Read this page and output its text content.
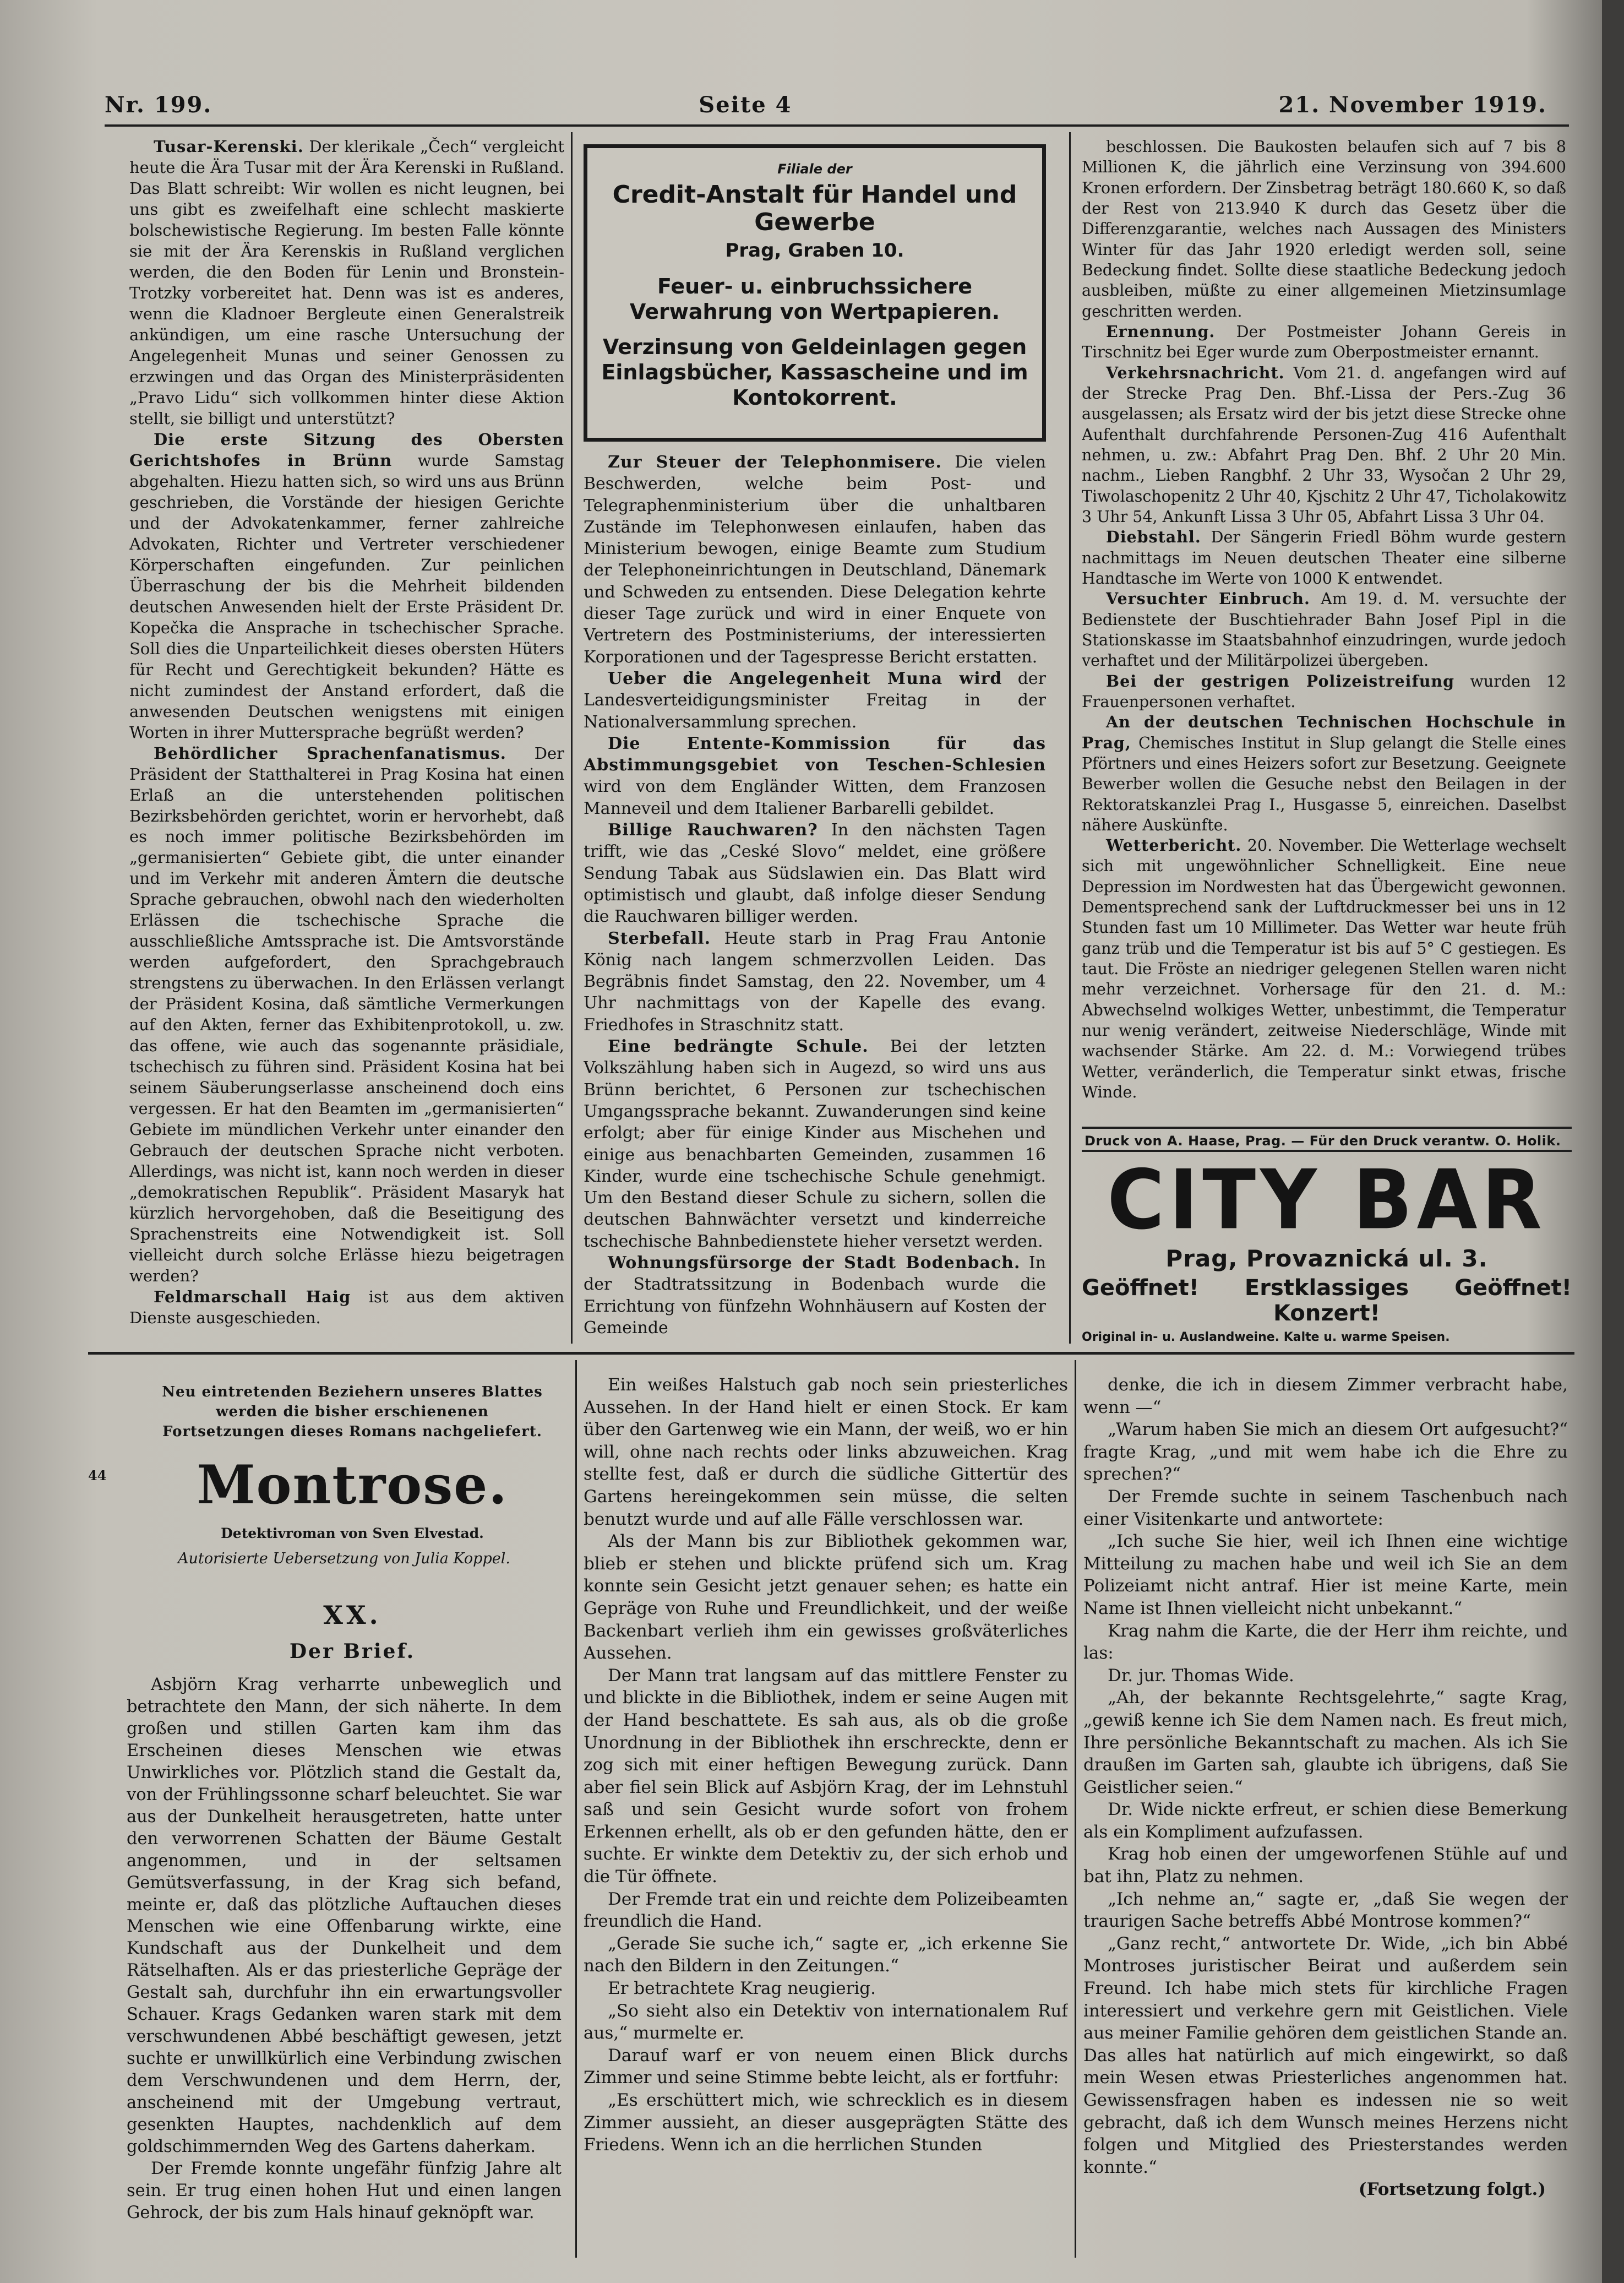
Nr. 199.	Seite 4	21. November 1919.

Tusar-Kerenski. Der klerikale „Čech“ vergleicht heute die Ära Tusar mit der Ära Kerenski in Rußland. Das Blatt schreibt: Wir wollen es nicht leugnen, bei uns gibt es zweifelhaft eine schlecht maskierte bolschewistische Regierung. Im besten Falle könnte sie mit der Ära Kerenskis in Rußland verglichen werden, die den Boden für Lenin und Bronstein-Trotzky vorbereitet hat. Denn was ist es anderes, wenn die Kladnoer Bergleute einen Generalstreik ankündigen, um eine rasche Untersuchung der Angelegenheit Munas und seiner Genossen zu erzwingen und das Organ des Ministerpräsidenten „Pravo Lidu“ sich vollkommen hinter diese Aktion stellt, sie billigt und unterstützt?

Die erste Sitzung des Obersten Gerichtshofes in Brünn wurde Samstag abgehalten. Hiezu hatten sich, so wird uns aus Brünn geschrieben, die Vorstände der hiesigen Gerichte und der Advokatenkammer, ferner zahlreiche Advokaten, Richter und Vertreter verschiedener Körperschaften eingefunden. Zur peinlichen Überraschung der bis die Mehrheit bildenden deutschen Anwesenden hielt der Erste Präsident Dr. Kopečka die Ansprache in tschechischer Sprache. Soll dies die Unparteilichkeit dieses obersten Hüters für Recht und Gerechtigkeit bekunden? Hätte es nicht zumindest der Anstand erfordert, daß die anwesenden Deutschen wenigstens mit einigen Worten in ihrer Muttersprache begrüßt werden?

Behördlicher Sprachenfanatismus. Der Präsident der Statthalterei in Prag Kosina hat einen Erlaß an die unterstehenden politischen Bezirksbehörden gerichtet, worin er hervorhebt, daß es noch immer politische Bezirksbehörden im „germanisierten“ Gebiete gibt, die unter einander und im Verkehr mit anderen Ämtern die deutsche Sprache gebrauchen, obwohl nach den wiederholten Erlässen die tschechische Sprache die ausschließliche Amtssprache ist. Die Amtsvorstände werden aufgefordert, den Sprachgebrauch strengstens zu überwachen. In den Erlässen verlangt der Präsident Kosina, daß sämtliche Vermerkungen auf den Akten, ferner das Exhibitenprotokoll, u. zw. das offene, wie auch das sogenannte präsidiale, tschechisch zu führen sind. Präsident Kosina hat bei seinem Säuberungserlasse anscheinend doch eins vergessen. Er hat den Beamten im „germanisierten“ Gebiete im mündlichen Verkehr unter einander den Gebrauch der deutschen Sprache nicht verboten. Allerdings, was nicht ist, kann noch werden in dieser „demokratischen Republik“. Präsident Masaryk hat kürzlich hervorgehoben, daß die Beseitigung des Sprachenstreits eine Notwendigkeit ist. Soll vielleicht durch solche Erlässe hiezu beigetragen werden?

Feldmarschall Haig ist aus dem aktiven Dienste ausgeschieden.

Filiale der
Credit-Anstalt für Handel und Gewerbe
Prag, Graben 10.
Feuer- u. einbruchssichere Verwahrung von Wertpapieren.
Verzinsung von Geldeinlagen gegen Einlagsbücher, Kassascheine und im Kontokorrent.

Zur Steuer der Telephonmisere. Die vielen Beschwerden, welche beim Post- und Telegraphenministerium über die unhaltbaren Zustände im Telephonwesen einlaufen, haben das Ministerium bewogen, einige Beamte zum Studium der Telephoneinrichtungen in Deutschland, Dänemark und Schweden zu entsenden. Diese Delegation kehrte dieser Tage zurück und wird in einer Enquete von Vertretern des Postministeriums, der interessierten Korporationen und der Tagespresse Bericht erstatten.

Ueber die Angelegenheit Muna wird der Landesverteidigungsminister Freitag in der Nationalversammlung sprechen.

Die Entente-Kommission für das Abstimmungsgebiet von Teschen-Schlesien wird von dem Engländer Witten, dem Franzosen Manneveil und dem Italiener Barbarelli gebildet.

Billige Rauchwaren? In den nächsten Tagen trifft, wie das „Ceské Slovo“ meldet, eine größere Sendung Tabak aus Südslawien ein. Das Blatt wird optimistisch und glaubt, daß infolge dieser Sendung die Rauchwaren billiger werden.

Sterbefall. Heute starb in Prag Frau Antonie König nach langem schmerzvollen Leiden. Das Begräbnis findet Samstag, den 22. November, um 4 Uhr nachmittags von der Kapelle des evang. Friedhofes in Straschnitz statt.

Eine bedrängte Schule. Bei der letzten Volkszählung haben sich in Augezd, so wird uns aus Brünn berichtet, 6 Personen zur tschechischen Umgangssprache bekannt. Zuwanderungen sind keine erfolgt; aber für einige Kinder aus Mischehen und einige aus benachbarten Gemeinden, zusammen 16 Kinder, wurde eine tschechische Schule genehmigt. Um den Bestand dieser Schule zu sichern, sollen die deutschen Bahnwächter versetzt und kinderreiche tschechische Bahnbedienstete hieher versetzt werden.

Wohnungsfürsorge der Stadt Bodenbach. In der Stadtratssitzung in Bodenbach wurde die Errichtung von fünfzehn Wohnhäusern auf Kosten der Gemeinde

beschlossen. Die Baukosten belaufen sich auf 7 bis 8 Millionen K, die jährlich eine Verzinsung von 394.600 Kronen erfordern. Der Zinsbetrag beträgt 180.660 K, so daß der Rest von 213.940 K durch das Gesetz über die Differenzgarantie, welches nach Aussagen des Ministers Winter für das Jahr 1920 erledigt werden soll, seine Bedeckung findet. Sollte diese staatliche Bedeckung jedoch ausbleiben, müßte zu einer allgemeinen Mietzinsumlage geschritten werden.

Ernennung. Der Postmeister Johann Gereis in Tirschnitz bei Eger wurde zum Oberpostmeister ernannt.

Verkehrsnachricht. Vom 21. d. angefangen wird auf der Strecke Prag Den. Bhf.-Lissa der Pers.-Zug 36 ausgelassen; als Ersatz wird der bis jetzt diese Strecke ohne Aufenthalt durchfahrende Personen-Zug 416 Aufenthalt nehmen, u. zw.: Abfahrt Prag Den. Bhf. 2 Uhr 20 Min. nachm., Lieben Rangbhf. 2 Uhr 33, Wysočan 2 Uhr 29, Tiwolaschopenitz 2 Uhr 40, Kjschitz 2 Uhr 47, Ticholakowitz 3 Uhr 54, Ankunft Lissa 3 Uhr 05, Abfahrt Lissa 3 Uhr 04.

Diebstahl. Der Sängerin Friedl Böhm wurde gestern nachmittags im Neuen deutschen Theater eine silberne Handtasche im Werte von 1000 K entwendet.

Versuchter Einbruch. Am 19. d. M. versuchte der Bedienstete der Buschtiehrader Bahn Josef Pipl in die Stationskasse im Staatsbahnhof einzudringen, wurde jedoch verhaftet und der Militärpolizei übergeben.

Bei der gestrigen Polizeistreifung wurden 12 Frauenpersonen verhaftet.

An der deutschen Technischen Hochschule in Prag, Chemisches Institut in Slup gelangt die Stelle eines Pförtners und eines Heizers sofort zur Besetzung. Geeignete Bewerber wollen die Gesuche nebst den Beilagen in der Rektoratskanzlei Prag I., Husgasse 5, einreichen. Daselbst nähere Auskünfte.

Wetterbericht. 20. November. Die Wetterlage wechselt sich mit ungewöhnlicher Schnelligkeit. Eine neue Depression im Nordwesten hat das Übergewicht gewonnen. Dementsprechend sank der Luftdruckmesser bei uns in 12 Stunden fast um 10 Millimeter. Das Wetter war heute früh ganz trüb und die Temperatur ist bis auf 5° C gestiegen. Es taut. Die Fröste an niedriger gelegenen Stellen waren nicht mehr verzeichnet. Vorhersage für den 21. d. M.: Abwechselnd wolkiges Wetter, unbestimmt, die Temperatur nur wenig verändert, zeitweise Niederschläge, Winde mit wachsender Stärke. Am 22. d. M.: Vorwiegend trübes Wetter, veränderlich, die Temperatur sinkt etwas, frische Winde.

Druck von A. Haase, Prag. — Für den Druck verantw. O. Holik.
CITY BAR
Prag, Provaznická ul. 3.
Geöffnet!	Erstklassiges Konzert!
Geöffnet!
Original in- u. Auslandweine. Kalte u. warme Speisen.
Neu eintretenden Beziehern unseres Blattes werden die bisher erschienenen Fortsetzungen dieses Romans nachgeliefert.
44	Montrose.
Detektivroman von Sven Elvestad.
Autorisierte Uebersetzung von Julia Koppel.
XX.
Der Brief.

Asbjörn Krag verharrte unbeweglich und betrachtete den Mann, der sich näherte. In dem großen und stillen Garten kam ihm das Erscheinen dieses Menschen wie etwas Unwirkliches vor. Plötzlich stand die Gestalt da, von der Frühlingssonne scharf beleuchtet. Sie war aus der Dunkelheit herausgetreten, hatte unter den verworrenen Schatten der Bäume Gestalt angenommen, und in der seltsamen Gemütsverfassung, in der Krag sich befand, meinte er, daß das plötzliche Auftauchen dieses Menschen wie eine Offenbarung wirkte, eine Kundschaft aus der Dunkelheit und dem Rätselhaften. Als er das priesterliche Gepräge der Gestalt sah, durchfuhr ihn ein erwartungsvoller Schauer. Krags Gedanken waren stark mit dem verschwundenen Abbé beschäftigt gewesen, jetzt suchte er unwillkürlich eine Verbindung zwischen dem Verschwundenen und dem Herrn, der, anscheinend mit der Umgebung vertraut, gesenkten Hauptes, nachdenklich auf dem goldschimmernden Weg des Gartens daherkam.

Der Fremde konnte ungefähr fünfzig Jahre alt sein. Er trug einen hohen Hut und einen langen Gehrock, der bis zum Hals hinauf geknöpft war.

Ein weißes Halstuch gab noch sein priesterliches Aussehen. In der Hand hielt er einen Stock. Er kam über den Gartenweg wie ein Mann, der weiß, wo er hin will, ohne nach rechts oder links abzuweichen. Krag stellte fest, daß er durch die südliche Gittertür des Gartens hereingekommen sein müsse, die selten benutzt wurde und auf alle Fälle verschlossen war.

Als der Mann bis zur Bibliothek gekommen war, blieb er stehen und blickte prüfend sich um. Krag konnte sein Gesicht jetzt genauer sehen; es hatte ein Gepräge von Ruhe und Freundlichkeit, und der weiße Backenbart verlieh ihm ein gewisses großväterliches Aussehen.

Der Mann trat langsam auf das mittlere Fenster zu und blickte in die Bibliothek, indem er seine Augen mit der Hand beschattete. Es sah aus, als ob die große Unordnung in der Bibliothek ihn erschreckte, denn er zog sich mit einer heftigen Bewegung zurück. Dann aber fiel sein Blick auf Asbjörn Krag, der im Lehnstuhl saß und sein Gesicht wurde sofort von frohem Erkennen erhellt, als ob er den gefunden hätte, den er suchte. Er winkte dem Detektiv zu, der sich erhob und die Tür öffnete.

Der Fremde trat ein und reichte dem Polizeibeamten freundlich die Hand.

„Gerade Sie suche ich,“ sagte er, „ich erkenne Sie nach den Bildern in den Zeitungen.“

Er betrachtete Krag neugierig.

„So sieht also ein Detektiv von internationalem Ruf aus,“ murmelte er.

Darauf warf er von neuem einen Blick durchs Zimmer und seine Stimme bebte leicht, als er fortfuhr:

„Es erschüttert mich, wie schrecklich es in diesem Zimmer aussieht, an dieser ausgeprägten Stätte des Friedens. Wenn ich an die herrlichen Stunden

denke, die ich in diesem Zimmer verbracht habe, wenn —“

„Warum haben Sie mich an diesem Ort aufgesucht?“ fragte Krag, „und mit wem habe ich die Ehre zu sprechen?“

Der Fremde suchte in seinem Taschenbuch nach einer Visitenkarte und antwortete:

„Ich suche Sie hier, weil ich Ihnen eine wichtige Mitteilung zu machen habe und weil ich Sie an dem Polizeiamt nicht antraf. Hier ist meine Karte, mein Name ist Ihnen vielleicht nicht unbekannt.“

Krag nahm die Karte, die der Herr ihm reichte, und las:

Dr. jur. Thomas Wide.

„Ah, der bekannte Rechtsgelehrte,“ sagte Krag, „gewiß kenne ich Sie dem Namen nach. Es freut mich, Ihre persönliche Bekanntschaft zu machen. Als ich Sie draußen im Garten sah, glaubte ich übrigens, daß Sie Geistlicher seien.“

Dr. Wide nickte erfreut, er schien diese Bemerkung als ein Kompliment aufzufassen.

Krag hob einen der umgeworfenen Stühle auf und bat ihn, Platz zu nehmen.

„Ich nehme an,“ sagte er, „daß Sie wegen der traurigen Sache betreffs Abbé Montrose kommen?“

„Ganz recht,“ antwortete Dr. Wide, „ich bin Abbé Montroses juristischer Beirat und außerdem sein Freund. Ich habe mich stets für kirchliche Fragen interessiert und verkehre gern mit Geistlichen. Viele aus meiner Familie gehören dem geistlichen Stande an. Das alles hat natürlich auf mich eingewirkt, so daß mein Wesen etwas Priesterliches angenommen hat. Gewissensfragen haben es indessen nie so weit gebracht, daß ich dem Wunsch meines Herzens nicht folgen und Mitglied des Priesterstandes werden konnte.“

(Fortsetzung folgt.)
